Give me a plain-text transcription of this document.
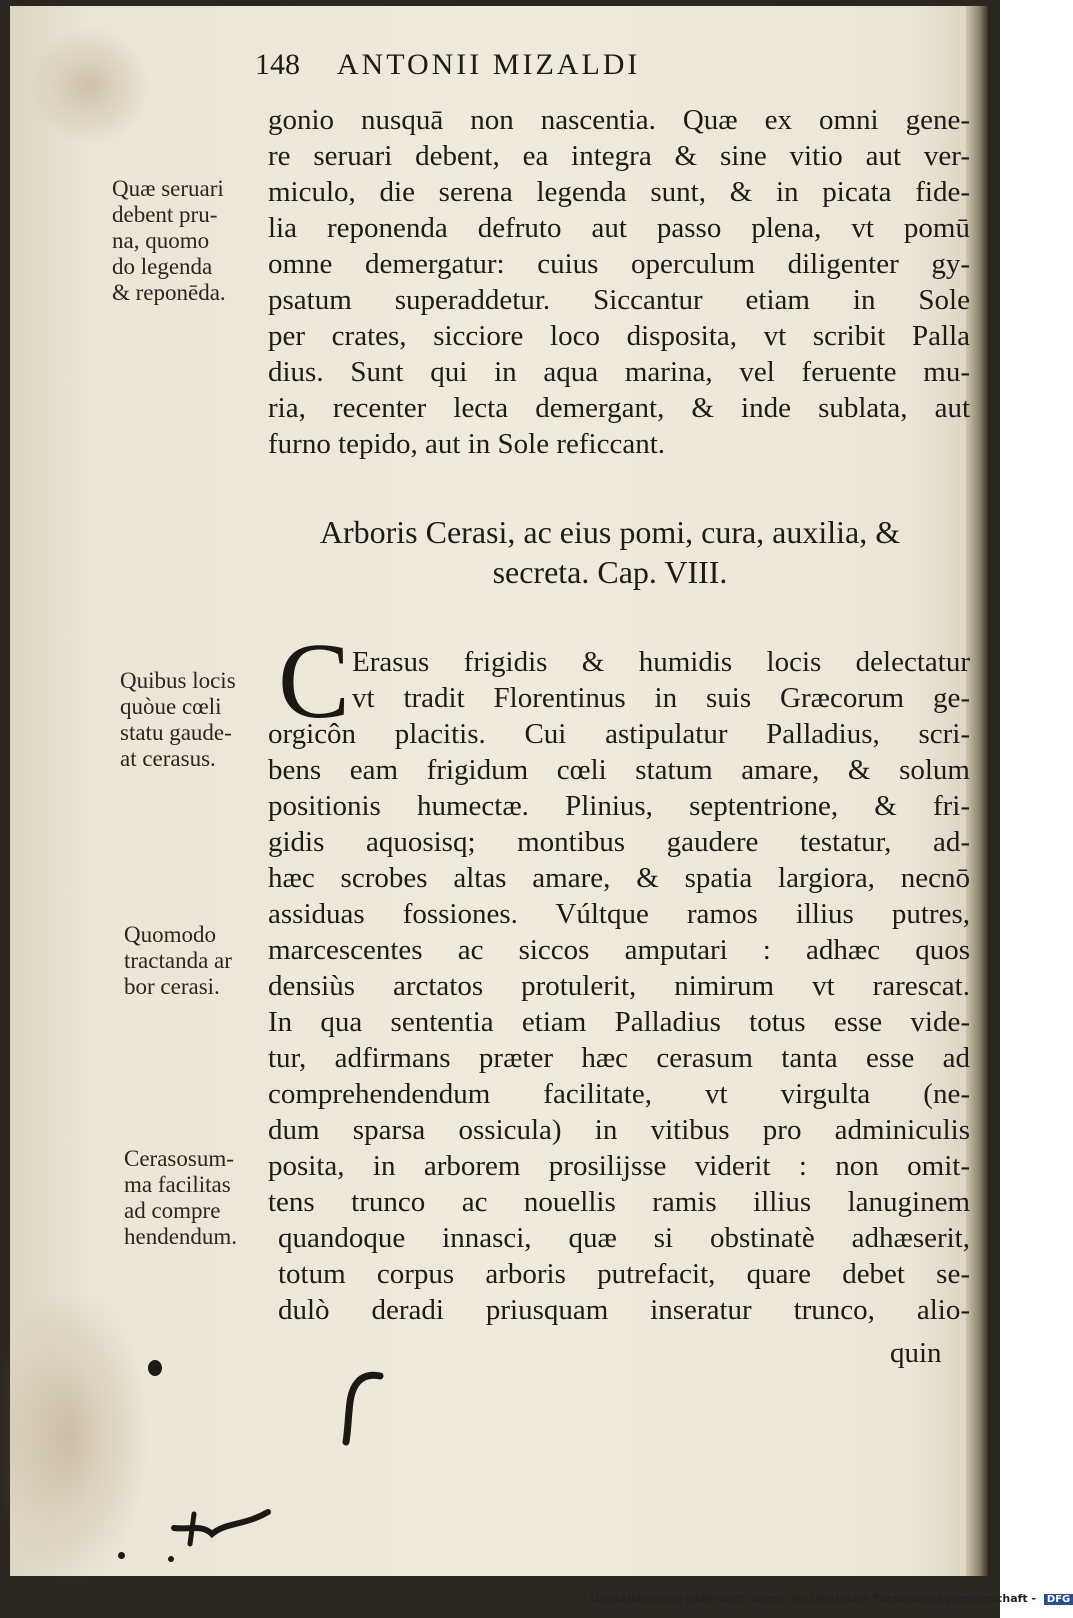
148 ANTONII MIZALDI
gonio nusquā non nascentia. Quæ ex omni gene-
re seruari debent, ea integra & sine vitio aut ver-
miculo, die serena legenda sunt, & in picata fide-
lia reponenda defruto aut passo plena, vt pomū
omne demergatur: cuius operculum diligenter gy-
psatum superaddetur. Siccantur etiam in Sole
per crates, sicciore loco disposita, vt scribit Palla
dius. Sunt qui in aqua marina, vel feruente mu-
ria, recenter lecta demergant, & inde sublata, aut
furno tepido, aut in Sole reficcant.
Quæ seruari
debent pru-
na, quomo
do legenda
& reponēda.
Arboris Cerasi, ac eius pomi, cura, auxilia, &
secreta. Cap. VIII.
C Erasus frigidis & humidis locis delectatur
vt tradit Florentinus in suis Græcorum ge-
orgicôn placitis. Cui astipulatur Palladius, scri-
bens eam frigidum cœli statum amare, & solum
positionis humectæ. Plinius, septentrione, & fri-
gidis aquosisq; montibus gaudere testatur, ad-
hæc scrobes altas amare, & spatia largiora, necnō
assiduas fossiones. Vúltque ramos illius putres,
marcescentes ac siccos amputari : adhæc quos
densiùs arctatos protulerit, nimirum vt rarescat.
In qua sententia etiam Palladius totus esse vide-
tur, adfirmans præter hæc cerasum tanta esse ad
comprehendendum facilitate, vt virgulta (ne-
dum sparsa ossicula) in vitibus pro adminiculis
posita, in arborem prosilijsse viderit : non omit-
tens trunco ac nouellis ramis illius lanuginem
quandoque innasci, quæ si obstinatè adhæserit,
totum corpus arboris putrefacit, quare debet se-
dulò deradi priusquam inseratur trunco, alio-
quin
Quibus locis
quòue cœli
statu gaude-
at cerasus.
Quomodo
tractanda ar
bor cerasi.
Cerasosum-
ma facilitas
ad compre
hendendum.
Digitalisierung gefördert durch die Deutsche Forschungsgemeinschaft - DFG
